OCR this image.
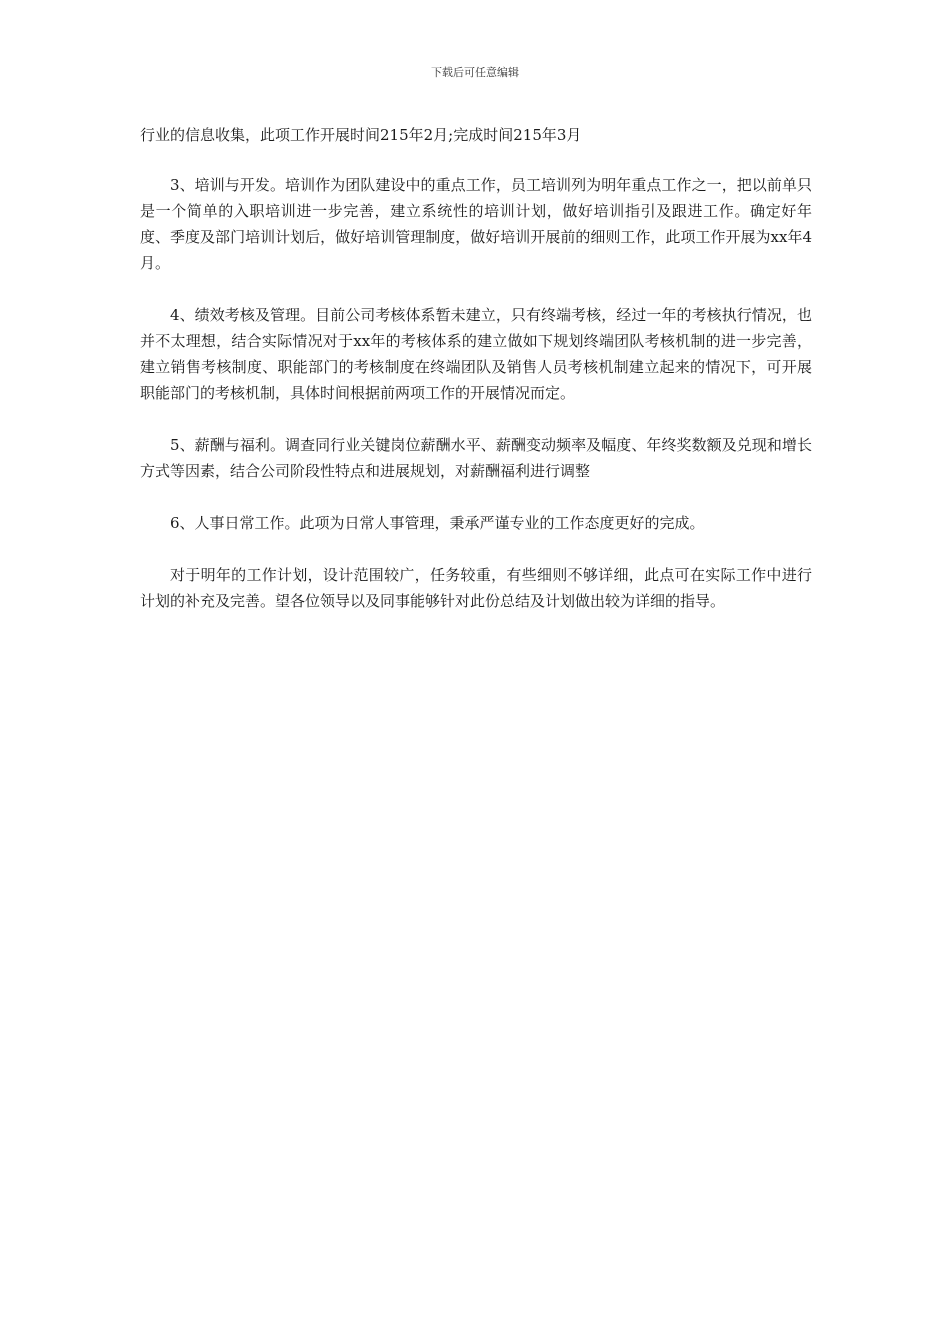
下载后可任意编辑

行业的信息收集，此项工作开展时间215年2月;完成时间215年3月

3、培训与开发。培训作为团队建设中的重点工作，员工培训列为明年重点工作之一，把以前单只是一个简单的入职培训进一步完善，建立系统性的培训计划，做好培训指引及跟进工作。确定好年度、季度及部门培训计划后，做好培训管理制度，做好培训开展前的细则工作，此项工作开展为xx年4月。

4、绩效考核及管理。目前公司考核体系暂未建立，只有终端考核，经过一年的考核执行情况，也并不太理想，结合实际情况对于xx年的考核体系的建立做如下规划终端团队考核机制的进一步完善，建立销售考核制度、职能部门的考核制度在终端团队及销售人员考核机制建立起来的情况下，可开展职能部门的考核机制，具体时间根据前两项工作的开展情况而定。

5、薪酬与福利。调查同行业关键岗位薪酬水平、薪酬变动频率及幅度、年终奖数额及兑现和增长方式等因素，结合公司阶段性特点和进展规划，对薪酬福利进行调整

6、人事日常工作。此项为日常人事管理，秉承严谨专业的工作态度更好的完成。

对于明年的工作计划，设计范围较广，任务较重，有些细则不够详细，此点可在实际工作中进行计划的补充及完善。望各位领导以及同事能够针对此份总结及计划做出较为详细的指导。
